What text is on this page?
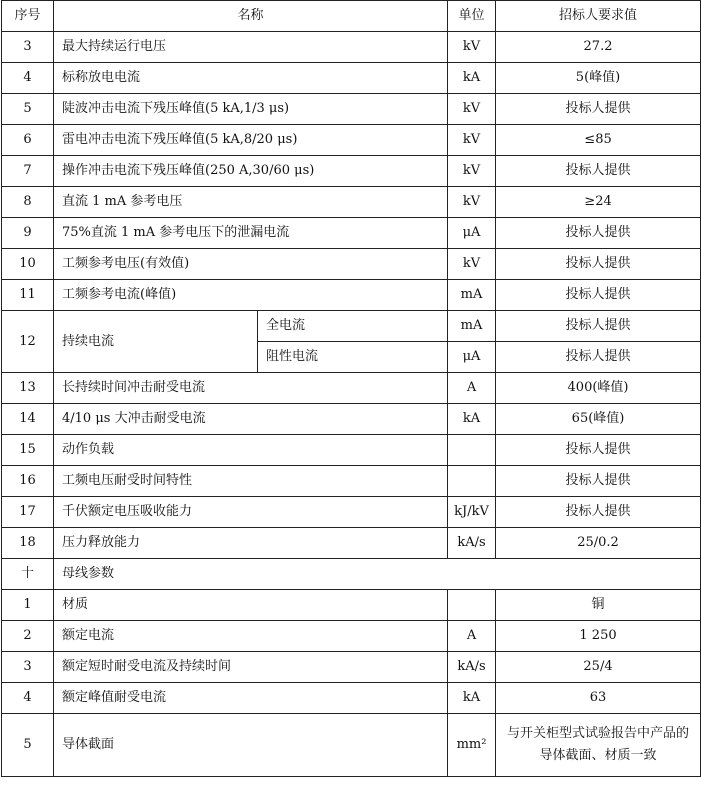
序号	名称		单位	招标人要求值
3	最大持续运行电压		kV	27.2
4	标称放电电流		kA	5(峰值)
5	陡波冲击电流下残压峰值(5 kA,1/3 μs)		kV	投标人提供
6	雷电冲击电流下残压峰值(5 kA,8/20 μs)		kV	≤85
7	操作冲击电流下残压峰值(250 A,30/60 μs)		kV	投标人提供
8	直流 1 mA 参考电压		kV	≥24
9	75%直流 1 mA 参考电压下的泄漏电流		μA	投标人提供
10	工频参考电压(有效值)		kV	投标人提供
11	工频参考电流(峰值)		mA	投标人提供
12	持续电流	全电流	mA	投标人提供
		阻性电流	μA	投标人提供
13	长持续时间冲击耐受电流		A	400(峰值)
14	4/10 μs 大冲击耐受电流		kA	65(峰值)
15	动作负载			投标人提供
16	工频电压耐受时间特性			投标人提供
17	千伏额定电压吸收能力		kJ/kV	投标人提供
18	压力释放能力		kA/s	25/0.2
十	母线参数			
1	材质			铜
2	额定电流		A	1 250
3	额定短时耐受电流及持续时间		kA/s	25/4
4	额定峰值耐受电流		kA	63
5	导体截面		mm²	与开关柜型式试验报告中产品的导体截面、材质一致
